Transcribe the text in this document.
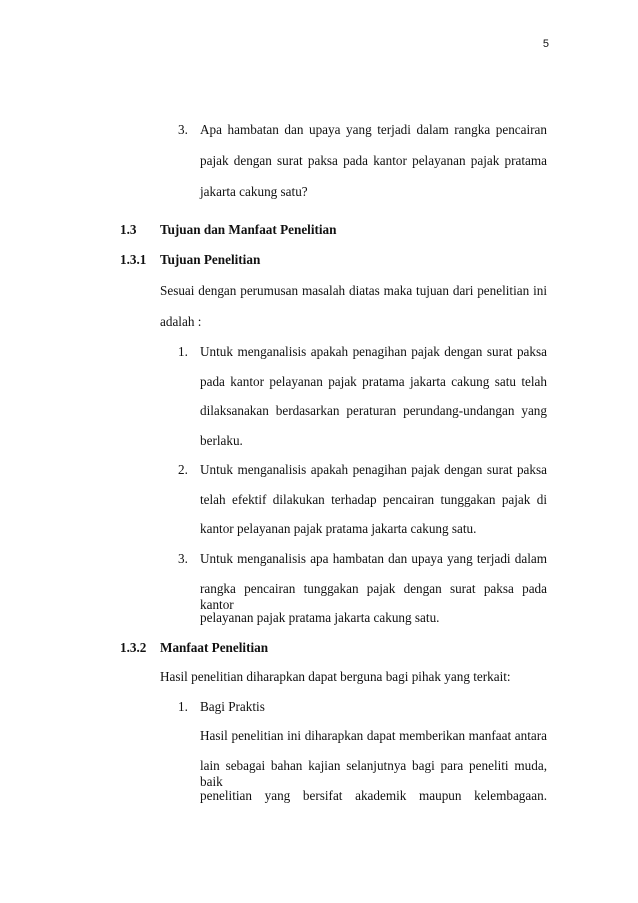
5
3. Apa hambatan dan upaya yang terjadi dalam rangka pencairan
pajak dengan surat paksa pada kantor pelayanan pajak pratama
jakarta cakung satu?
1.3 Tujuan dan Manfaat Penelitian
1.3.1 Tujuan Penelitian
Sesuai dengan perumusan masalah diatas maka tujuan dari penelitian ini
adalah :
1. Untuk menganalisis apakah penagihan pajak dengan surat paksa
pada kantor pelayanan pajak pratama jakarta cakung satu telah
dilaksanakan berdasarkan peraturan perundang-undangan yang
berlaku.
2. Untuk menganalisis apakah penagihan pajak dengan surat paksa
telah efektif dilakukan terhadap pencairan tunggakan pajak di
kantor pelayanan pajak pratama jakarta cakung satu.
3. Untuk menganalisis apa hambatan dan upaya yang terjadi dalam
rangka pencairan tunggakan pajak dengan surat paksa pada kantor
pelayanan pajak pratama jakarta cakung satu.
1.3.2 Manfaat Penelitian
Hasil penelitian diharapkan dapat berguna bagi pihak yang terkait:
1. Bagi Praktis
Hasil penelitian ini diharapkan dapat memberikan manfaat antara
lain sebagai bahan kajian selanjutnya bagi para peneliti muda, baik
penelitian yang bersifat akademik maupun kelembagaan.
